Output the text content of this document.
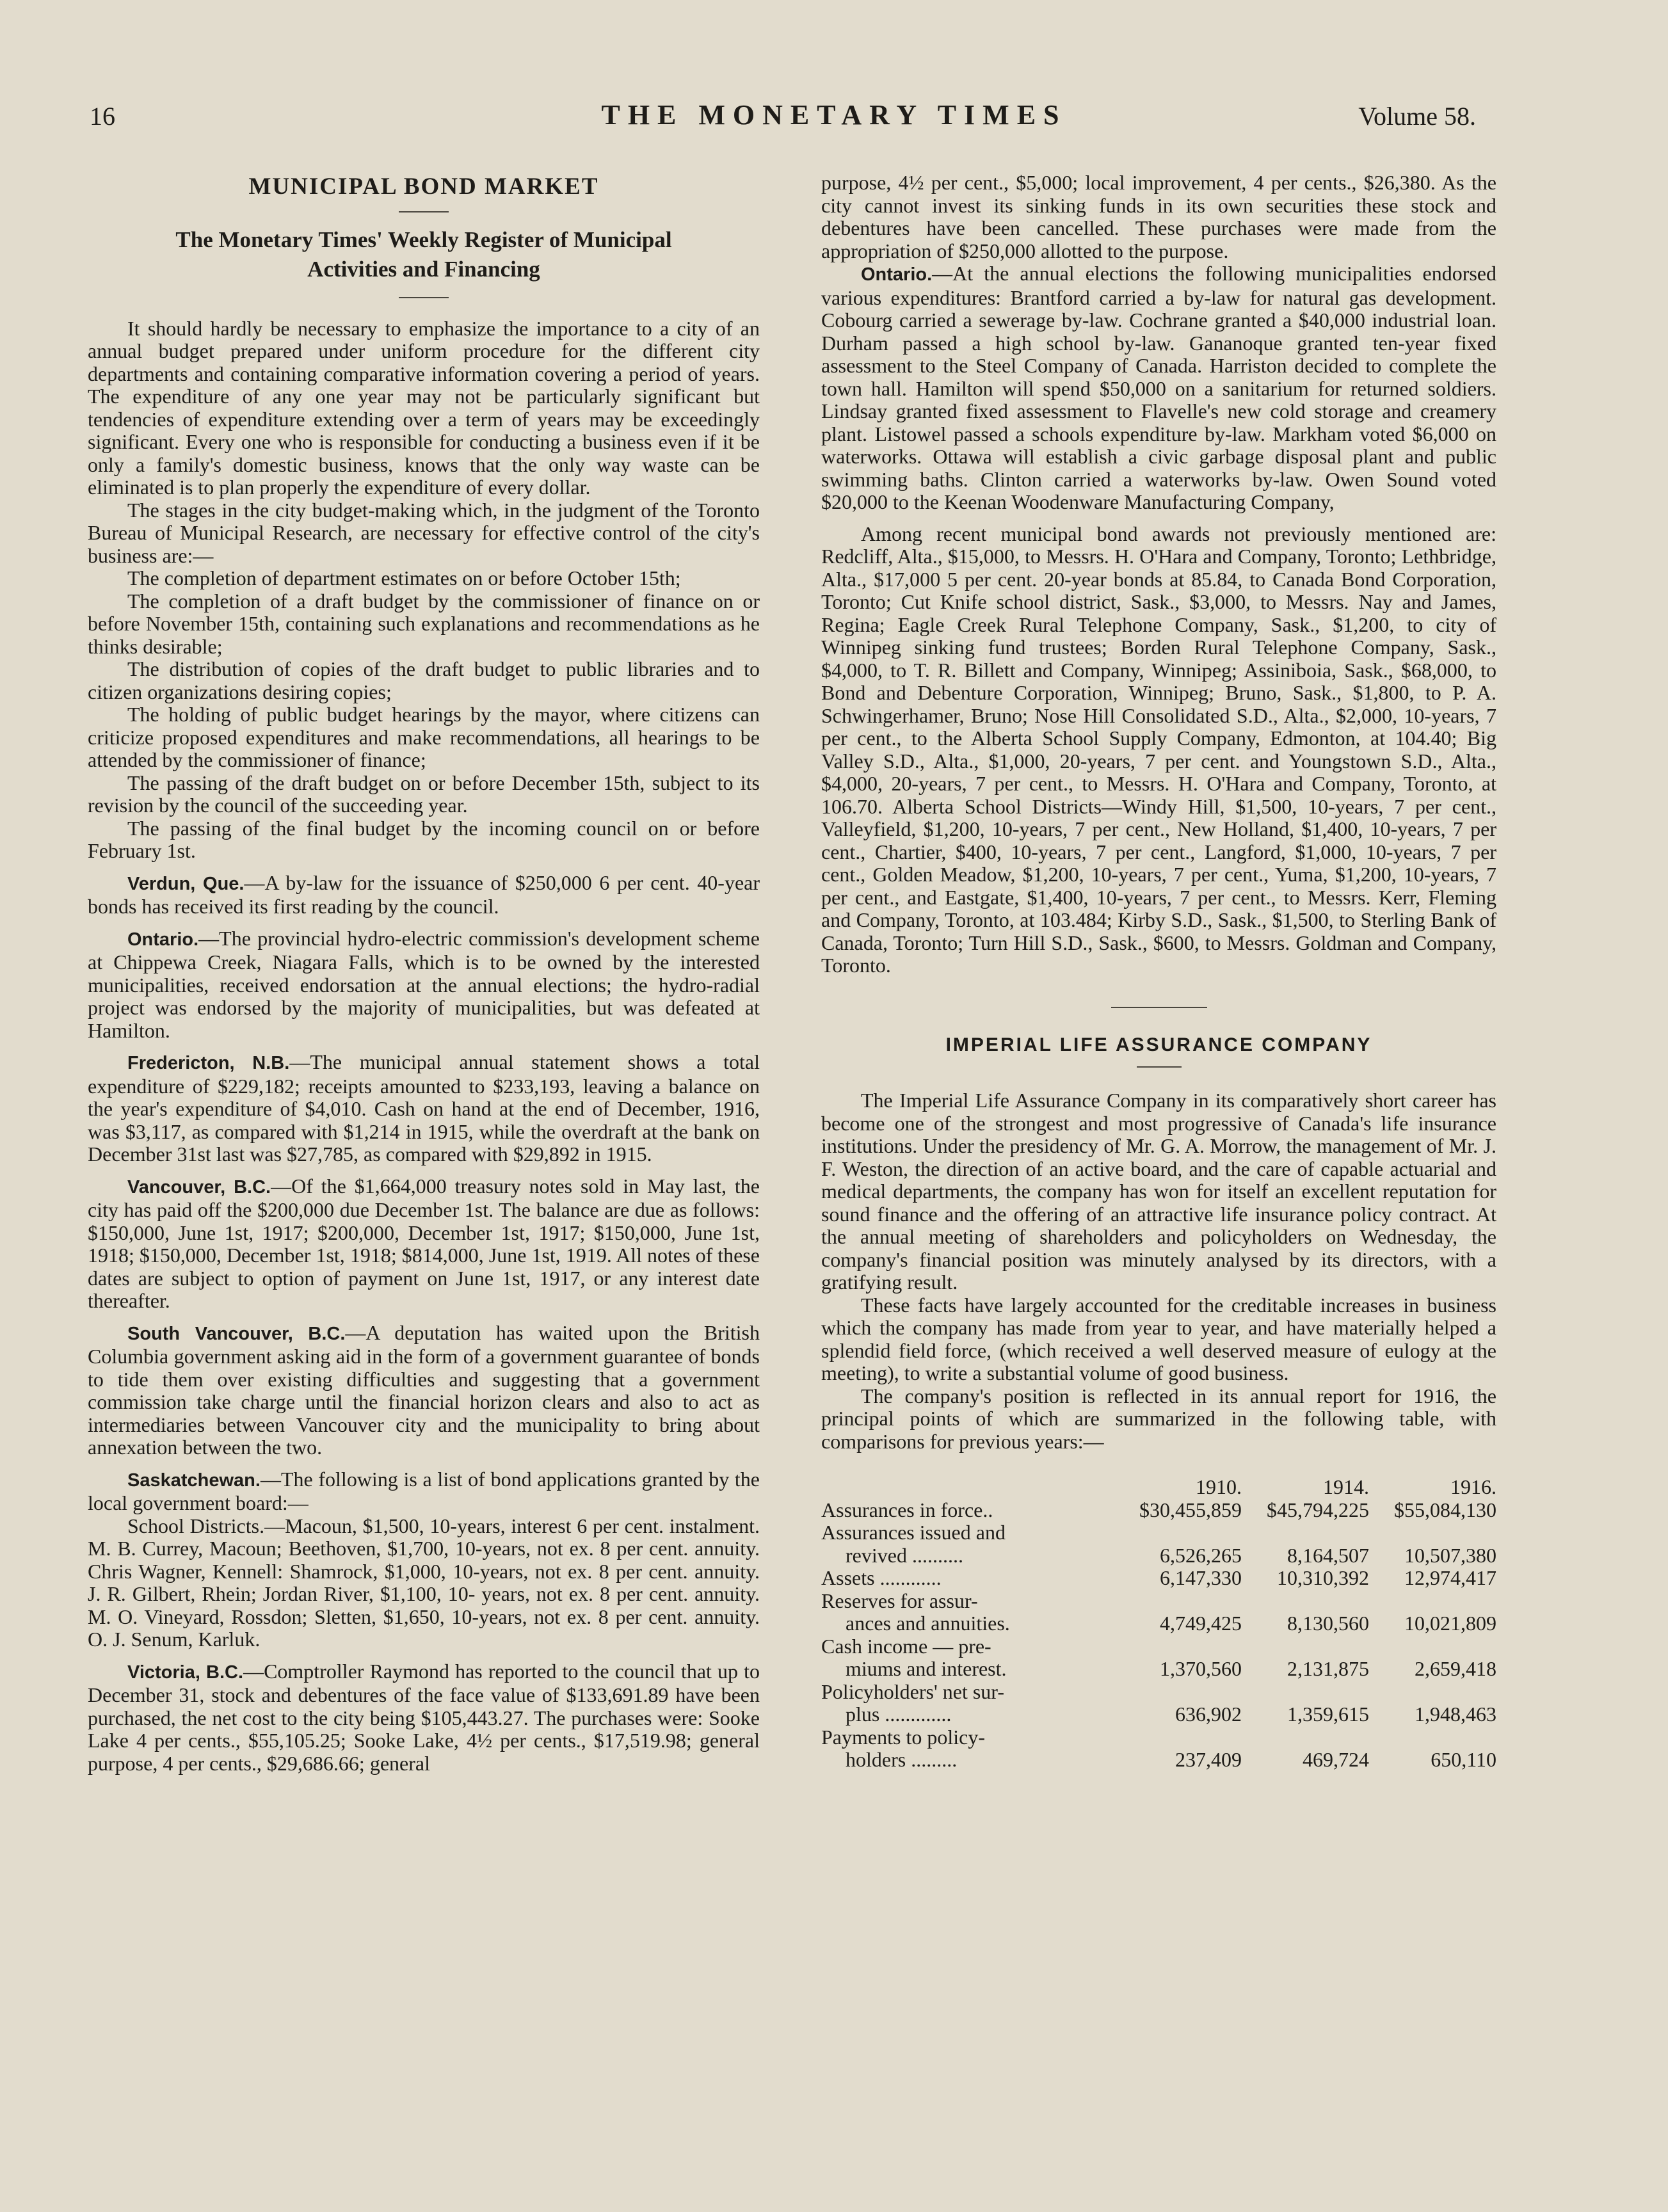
16	THE MONETARY TIMES	Volume 58.
MUNICIPAL BOND MARKET
The Monetary Times' Weekly Register of Municipal
Activities and Financing

It should hardly be necessary to emphasize the importance to a city of an annual budget prepared under uniform procedure for the different city departments and containing comparative information covering a period of years. The expenditure of any one year may not be particularly significant but tendencies of expenditure extending over a term of years may be exceedingly significant. Every one who is responsible for conducting a business even if it be only a family's domestic business, knows that the only way waste can be eliminated is to plan properly the expenditure of every dollar.

The stages in the city budget-making which, in the judgment of the Toronto Bureau of Municipal Research, are necessary for effective control of the city's business are:—

The completion of department estimates on or before October 15th;

The completion of a draft budget by the commissioner of finance on or before November 15th, containing such explanations and recommendations as he thinks desirable;

The distribution of copies of the draft budget to public libraries and to citizen organizations desiring copies;

The holding of public budget hearings by the mayor, where citizens can criticize proposed expenditures and make recommendations, all hearings to be attended by the commissioner of finance;

The passing of the draft budget on or before December 15th, subject to its revision by the council of the succeeding year.

The passing of the final budget by the incoming council on or before February 1st.

Verdun, Que.—A by-law for the issuance of $250,000 6 per cent. 40-year bonds has received its first reading by the council.

Ontario.—The provincial hydro-electric commission's development scheme at Chippewa Creek, Niagara Falls, which is to be owned by the interested municipalities, received endorsation at the annual elections; the hydro-radial project was endorsed by the majority of municipalities, but was defeated at Hamilton.

Fredericton, N.B.—The municipal annual statement shows a total expenditure of $229,182; receipts amounted to $233,193, leaving a balance on the year's expenditure of $4,010. Cash on hand at the end of December, 1916, was $3,117, as compared with $1,214 in 1915, while the overdraft at the bank on December 31st last was $27,785, as compared with $29,892 in 1915.

Vancouver, B.C.—Of the $1,664,000 treasury notes sold in May last, the city has paid off the $200,000 due December 1st. The balance are due as follows: $150,000, June 1st, 1917; $200,000, December 1st, 1917; $150,000, June 1st, 1918; $150,000, December 1st, 1918; $814,000, June 1st, 1919. All notes of these dates are subject to option of payment on June 1st, 1917, or any interest date thereafter.

South Vancouver, B.C.—A deputation has waited upon the British Columbia government asking aid in the form of a government guarantee of bonds to tide them over existing difficulties and suggesting that a government commission take charge until the financial horizon clears and also to act as intermediaries between Vancouver city and the municipality to bring about annexation between the two.

Saskatchewan.—The following is a list of bond applications granted by the local government board:—

School Districts.—Macoun, $1,500, 10-years, interest 6 per cent. instalment. M. B. Currey, Macoun; Beethoven, $1,700, 10-years, not ex. 8 per cent. annuity. Chris Wagner, Kennell: Shamrock, $1,000, 10-years, not ex. 8 per cent. annuity. J. R. Gilbert, Rhein; Jordan River, $1,100, 10- years, not ex. 8 per cent. annuity. M. O. Vineyard, Rossdon; Sletten, $1,650, 10-years, not ex. 8 per cent. annuity. O. J. Senum, Karluk.

Victoria, B.C.—Comptroller Raymond has reported to the council that up to December 31, stock and debentures of the face value of $133,691.89 have been purchased, the net cost to the city being $105,443.27. The purchases were: Sooke Lake 4 per cents., $55,105.25; Sooke Lake, 4½ per cents., $17,519.98; general purpose, 4 per cents., $29,686.66; general

purpose, 4½ per cent., $5,000; local improvement, 4 per cents., $26,380. As the city cannot invest its sinking funds in its own securities these stock and debentures have been cancelled. These purchases were made from the appropriation of $250,000 allotted to the purpose.

Ontario.—At the annual elections the following municipalities endorsed various expenditures: Brantford carried a by-law for natural gas development. Cobourg carried a sewerage by-law. Cochrane granted a $40,000 industrial loan. Durham passed a high school by-law. Gananoque granted ten-year fixed assessment to the Steel Company of Canada. Harriston decided to complete the town hall. Hamilton will spend $50,000 on a sanitarium for returned soldiers. Lindsay granted fixed assessment to Flavelle's new cold storage and creamery plant. Listowel passed a schools expenditure by-law. Markham voted $6,000 on waterworks. Ottawa will establish a civic garbage disposal plant and public swimming baths. Clinton carried a waterworks by-law. Owen Sound voted $20,000 to the Keenan Woodenware Manufacturing Company,

Among recent municipal bond awards not previously mentioned are: Redcliff, Alta., $15,000, to Messrs. H. O'Hara and Company, Toronto; Lethbridge, Alta., $17,000 5 per cent. 20-year bonds at 85.84, to Canada Bond Corporation, Toronto; Cut Knife school district, Sask., $3,000, to Messrs. Nay and James, Regina; Eagle Creek Rural Telephone Company, Sask., $1,200, to city of Winnipeg sinking fund trustees; Borden Rural Telephone Company, Sask., $4,000, to T. R. Billett and Company, Winnipeg; Assiniboia, Sask., $68,000, to Bond and Debenture Corporation, Winnipeg; Bruno, Sask., $1,800, to P. A. Schwingerhamer, Bruno; Nose Hill Consolidated S.D., Alta., $2,000, 10-years, 7 per cent., to the Alberta School Supply Company, Edmonton, at 104.40; Big Valley S.D., Alta., $1,000, 20-years, 7 per cent. and Youngstown S.D., Alta., $4,000, 20-years, 7 per cent., to Messrs. H. O'Hara and Company, Toronto, at 106.70. Alberta School Districts—Windy Hill, $1,500, 10-years, 7 per cent., Valleyfield, $1,200, 10-years, 7 per cent., New Holland, $1,400, 10-years, 7 per cent., Chartier, $400, 10-years, 7 per cent., Langford, $1,000, 10-years, 7 per cent., Golden Meadow, $1,200, 10-years, 7 per cent., Yuma, $1,200, 10-years, 7 per cent., and Eastgate, $1,400, 10-years, 7 per cent., to Messrs. Kerr, Fleming and Company, Toronto, at 103.484; Kirby S.D., Sask., $1,500, to Sterling Bank of Canada, Toronto; Turn Hill S.D., Sask., $600, to Messrs. Goldman and Company, Toronto.

IMPERIAL LIFE ASSURANCE COMPANY

The Imperial Life Assurance Company in its comparatively short career has become one of the strongest and most progressive of Canada's life insurance institutions. Under the presidency of Mr. G. A. Morrow, the management of Mr. J. F. Weston, the direction of an active board, and the care of capable actuarial and medical departments, the company has won for itself an excellent reputation for sound finance and the offering of an attractive life insurance policy contract. At the annual meeting of shareholders and policyholders on Wednesday, the company's financial position was minutely analysed by its directors, with a gratifying result.

These facts have largely accounted for the creditable increases in business which the company has made from year to year, and have materially helped a splendid field force, (which received a well deserved measure of eulogy at the meeting), to write a substantial volume of good business.

The company's position is reflected in its annual report for 1916, the principal points of which are summarized in the following table, with comparisons for previous years:—

	1910.	1914.	1916.
Assurances in force..	$30,455,859	$45,794,225	$55,084,130
Assurances issued and			
revived ..........	6,526,265	8,164,507	10,507,380
Assets ............	6,147,330	10,310,392	12,974,417
Reserves for assur-			
ances and annuities.	4,749,425	8,130,560	10,021,809
Cash income — pre-			
miums and interest.	1,370,560	2,131,875	2,659,418
Policyholders' net sur-			
plus .............	636,902	1,359,615	1,948,463
Payments to policy-			
holders .........	237,409	469,724	650,110
